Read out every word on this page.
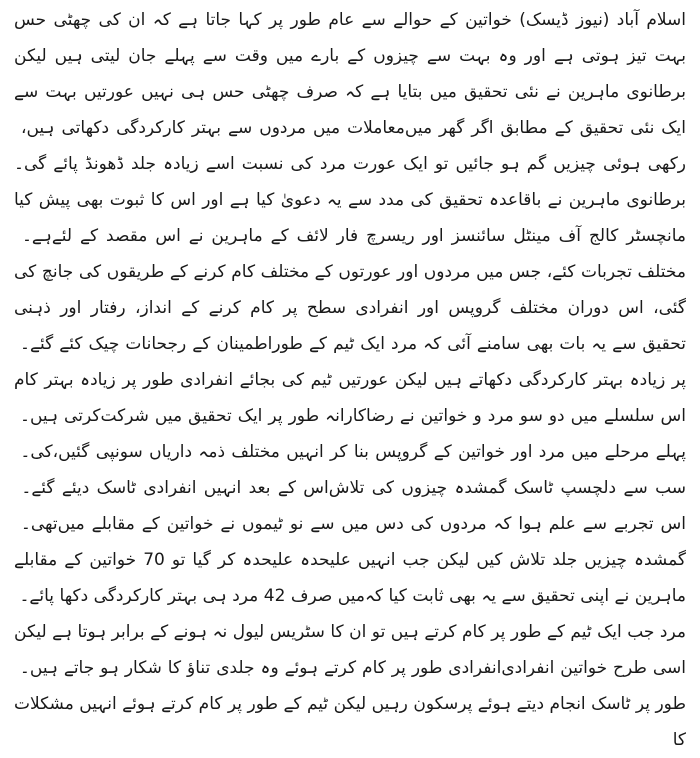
اسلام آباد (نیوز ڈیسک) خواتین کے حوالے سے عام طور پر کہا جاتا ہے کہ ان کی چھٹی حس بہت تیز ہوتی ہے اور وہ بہت سے چیزوں کے بارے میں وقت سے پہلے جان لیتی ہیں لیکن برطانوی ماہرین نے نئی تحقیق میں بتایا ہے کہ صرف چھٹی حس ہی نہیں عورتیں بہت سے معاملات میں مردوں سے بہتر کارکردگی دکھاتی ہیں، ایک نئی تحقیق کے مطابق اگر گھر میں رکھی ہوئی چیزیں گم ہو جائیں تو ایک عورت مرد کی نسبت اسے زیادہ جلد ڈھونڈ پائے گی۔ برطانوی ماہرین نے باقاعدہ تحقیق کی مدد سے یہ دعویٰ کیا ہے اور اس کا ثبوت بھی پیش کیا ہے۔ مانچسٹر کالج آف مینٹل سائنسز اور ریسرچ فار لائف کے ماہرین نے اس مقصد کے لئے مختلف تجربات کئے، جس میں مردوں اور عورتوں کے مختلف کام کرنے کے طریقوں کی جانچ کی گئی، اس دوران مختلف گروپس اور انفرادی سطح پر کام کرنے کے انداز، رفتار اور ذہنی اطمینان کے رجحانات چیک کئے گئے۔ تحقیق سے یہ بات بھی سامنے آئی کہ مرد ایک ٹیم کے طور پر زیادہ بہتر کارکردگی دکھاتے ہیں لیکن عورتیں ٹیم کی بجائے انفرادی طور پر زیادہ بہتر کام کرتی ہیں۔ اس سلسلے میں دو سو مرد و خواتین نے رضاکارانہ طور پر ایک تحقیق میں شرکت کی۔ پہلے مرحلے میں مرد اور خواتین کے گروپس بنا کر انہیں مختلف ذمہ داریاں سونپی گئیں، اس کے بعد انہیں انفرادی ٹاسک دیئے گئے۔ سب سے دلچسپ ٹاسک گمشدہ چیزوں کی تلاش تھی۔ اس تجربے سے علم ہوا کہ مردوں کی دس میں سے نو ٹیموں نے خواتین کے مقابلے میں گمشدہ چیزیں جلد تلاش کیں لیکن جب انہیں علیحدہ علیحدہ کر گیا تو 70 خواتین کے مقابلے میں صرف 42 مرد ہی بہتر کارکردگی دکھا پائے۔ ماہرین نے اپنی تحقیق سے یہ بھی ثابت کیا کہ مرد جب ایک ٹیم کے طور پر کام کرتے ہیں تو ان کا سٹریس لیول نہ ہونے کے برابر ہوتا ہے لیکن انفرادی طور پر کام کرتے ہوئے وہ جلدی تناؤ کا شکار ہو جاتے ہیں۔ اسی طرح خواتین انفرادی طور پر ٹاسک انجام دیتے ہوئے پرسکون رہیں لیکن ٹیم کے طور پر کام کرتے ہوئے انہیں مشکلات کا
